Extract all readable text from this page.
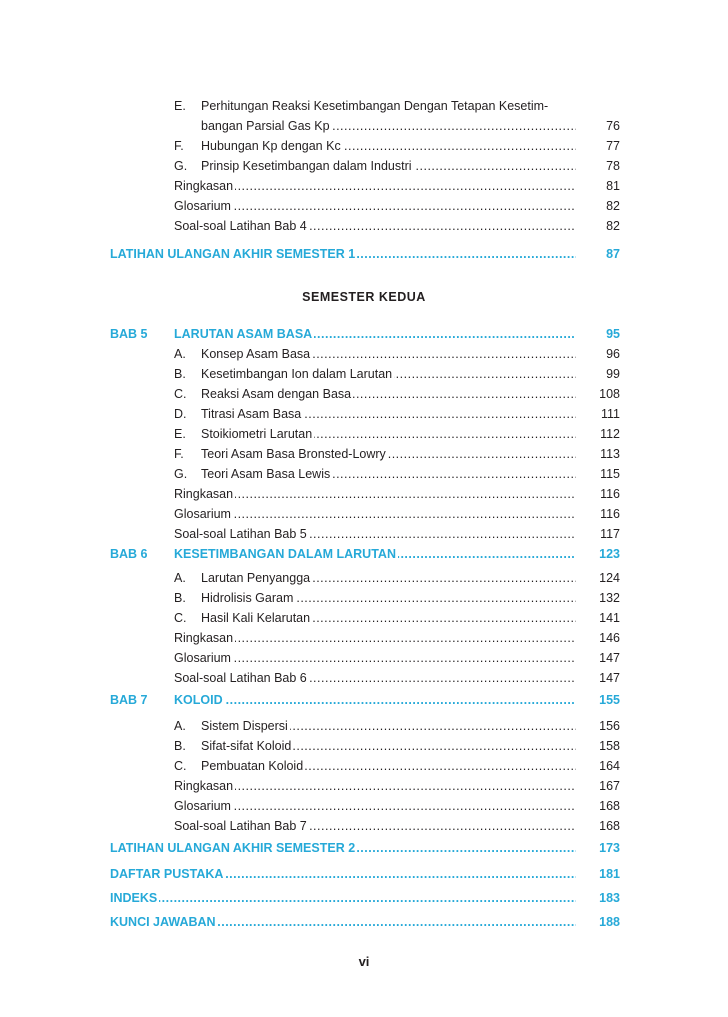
E. Perhitungan Reaksi Kesetimbangan Dengan Tetapan Kesetim-
SEMESTER KEDUA
bangan Parsial Gas Kp .....	76
F. Hubungan Kp dengan Kc .....	77
G. Prinsip Kesetimbangan dalam Industri .....	78
Ringkasan .....	81
Glosarium .....	82
Soal-soal Latihan Bab 4 .....	82
LATIHAN ULANGAN AKHIR SEMESTER 1 .....	87
BAB 5 LARUTAN ASAM BASA .....	95
A. Konsep Asam Basa .....	96
B. Kesetimbangan Ion dalam Larutan .....	99
C. Reaksi Asam dengan Basa .....	108
D. Titrasi Asam Basa .....	111
E. Stoikiometri Larutan .....	112
F. Teori Asam Basa Bronsted-Lowry .....	113
G. Teori Asam Basa Lewis .....	115
Ringkasan .....	116
Glosarium .....	116
Soal-soal Latihan Bab 5 .....	117
BAB 6 KESETIMBANGAN DALAM LARUTAN .....	123
A. Larutan Penyangga .....	124
B. Hidrolisis Garam .....	132
C. Hasil Kali Kelarutan .....	141
Ringkasan .....	146
Glosarium .....	147
Soal-soal Latihan Bab 6 .....	147
BAB 7 KOLOID .....	155
A. Sistem Dispersi .....	156
B. Sifat-sifat Koloid .....	158
C. Pembuatan Koloid .....	164
Ringkasan .....	167
Glosarium .....	168
Soal-soal Latihan Bab 7 .....	168
LATIHAN ULANGAN AKHIR SEMESTER 2 .....	173
DAFTAR PUSTAKA .....	181
INDEKS .....	183
KUNCI JAWABAN .....	188
vi
